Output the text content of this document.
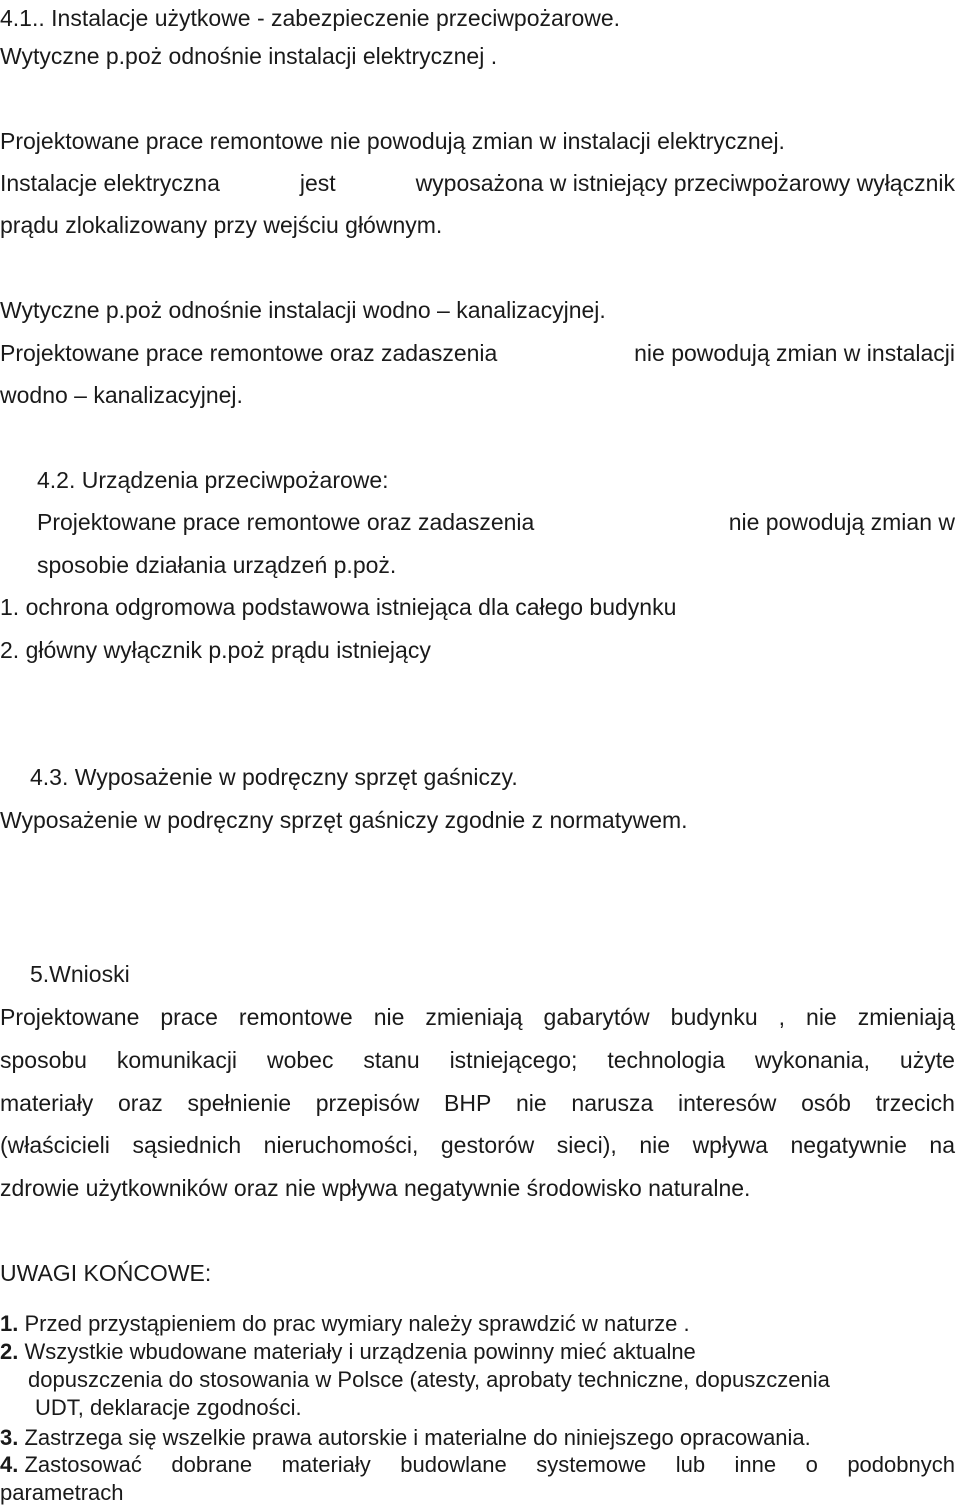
4.1.. Instalacje użytkowe - zabezpieczenie przeciwpożarowe.
Wytyczne p.poż odnośnie instalacji elektrycznej .
Projektowane prace remontowe nie powodują zmian w instalacji elektrycznej.
Instalacje elektryczna	jest	wyposażona w istniejący przeciwpożarowy wyłącznik
prądu zlokalizowany przy wejściu głównym.
Wytyczne p.poż odnośnie instalacji wodno – kanalizacyjnej.
Projektowane prace remontowe oraz zadaszenia	nie powodują zmian w instalacji
wodno – kanalizacyjnej.
4.2. Urządzenia przeciwpożarowe:
Projektowane prace remontowe oraz zadaszenia	nie powodują zmian w
sposobie działania urządzeń p.poż.
1. ochrona odgromowa podstawowa istniejąca dla całego budynku
2. główny wyłącznik p.poż prądu istniejący
4.3. Wyposażenie w podręczny sprzęt gaśniczy.
Wyposażenie w podręczny sprzęt gaśniczy zgodnie z normatywem.
5.Wnioski
Projektowane prace remontowe nie zmieniają gabarytów budynku , nie zmieniają
sposobu komunikacji wobec stanu istniejącego; technologia wykonania, użyte
materiały oraz spełnienie przepisów BHP nie narusza interesów osób trzecich
(właścicieli sąsiednich nieruchomości, gestorów sieci), nie wpływa negatywnie na
zdrowie użytkowników oraz nie wpływa negatywnie środowisko naturalne.
UWAGI KOŃCOWE:
1. Przed przystąpieniem do prac wymiary należy sprawdzić w naturze .
2. Wszystkie wbudowane materiały i urządzenia powinny mieć aktualne
dopuszczenia do stosowania w Polsce (atesty, aprobaty techniczne, dopuszczenia
UDT, deklaracje zgodności.
3. Zastrzega się wszelkie prawa autorskie i materialne do niniejszego opracowania.
4. Zastosować dobrane materiały budowlane systemowe lub inne o podobnych
parametrach
